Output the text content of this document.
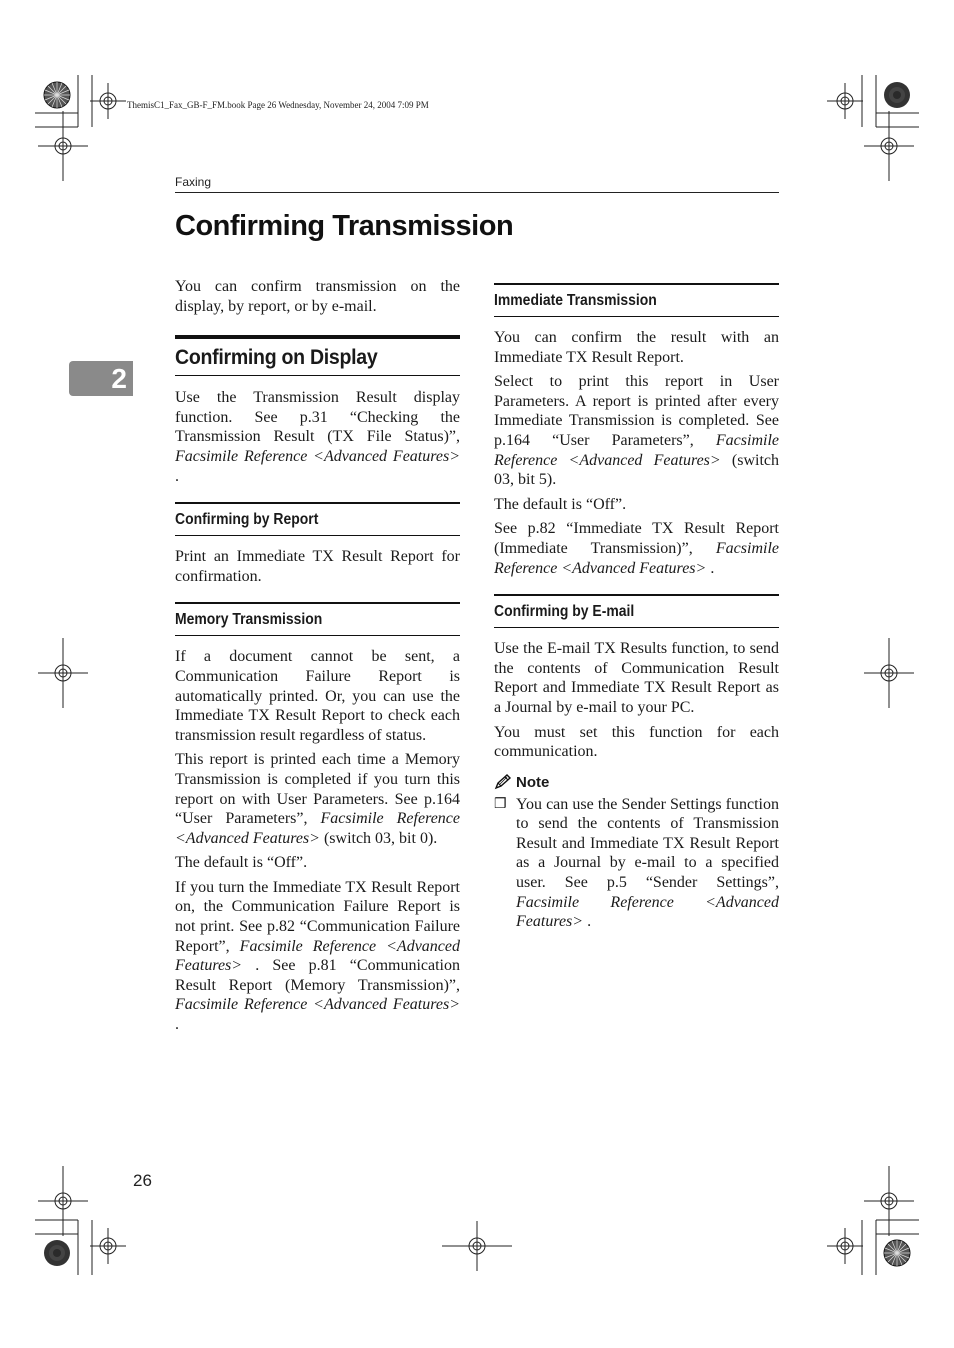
ThemisC1_Fax_GB-F_FM.book Page 26 Wednesday, November 24, 2004 7:09 PM
Faxing
Confirming Transmission
2

You can confirm transmission on the display, by report, or by e-mail.

Confirming on Display

Use the Transmission Result display function. See p.31 “Checking the Transmission Result (TX File Status)”, Facsimile Reference <Advanced Features> .

Confirming by Report

Print an Immediate TX Result Report for confirmation.

Memory Transmission

If a document cannot be sent, a Communication Failure Report is automatically printed. Or, you can use the Immediate TX Result Report to check each transmission result regardless of status.

This report is printed each time a Memory Transmission is completed if you turn this report on with User Parameters. See p.164 “User Parameters”, Facsimile Reference <Advanced Features> (switch 03, bit 0).

The default is “Off”.

If you turn the Immediate TX Result Report on, the Communication Failure Report is not print. See p.82 “Communication Failure Report”, Facsimile Reference <Advanced Features> . See p.81 “Communication Result Report (Memory Transmission)”, Facsimile Reference <Advanced Features> .

Immediate Transmission

You can confirm the result with an Immediate TX Result Report.

Select to print this report in User Parameters. A report is printed after every Immediate Transmission is completed. See p.164 “User Parameters”, Facsimile Reference <Advanced Features> (switch 03, bit 5).

The default is “Off”.

See p.82 “Immediate TX Result Report (Immediate Transmission)”, Facsimile Reference <Advanced Features> .

Confirming by E-mail

Use the E-mail TX Results function, to send the contents of Communication Result Report and Immediate TX Result Report as a Journal by e-mail to your PC.

You must set this function for each communication.

Note
❒ You can use the Sender Settings function to send the contents of Transmission Result and Immediate TX Result Report as a Journal by e-mail to a specified user. See p.5 “Sender Settings”, Facsimile Reference <Advanced Features> .

26
